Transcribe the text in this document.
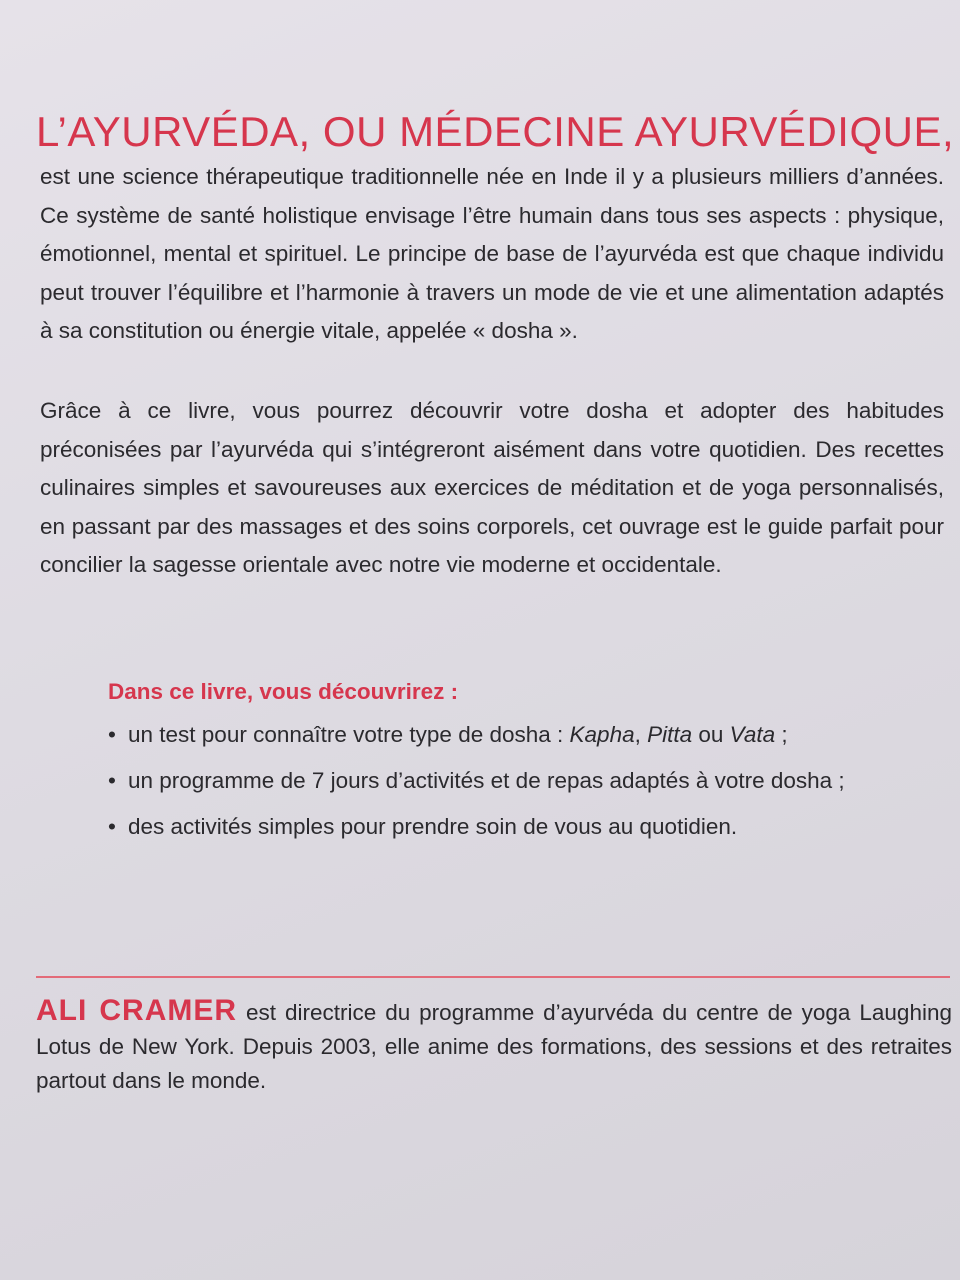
L’AYURVÉDA, OU MÉDECINE AYURVÉDIQUE,

est une science thérapeutique traditionnelle née en Inde il y a plusieurs milliers d’années. Ce système de santé holistique envisage l’être humain dans tous ses aspects : physique, émotionnel, mental et spirituel. Le principe de base de l’ayurvéda est que chaque individu peut trouver l’équilibre et l’harmonie à travers un mode de vie et une alimentation adaptés à sa constitution ou énergie vitale, appelée « dosha ».

Grâce à ce livre, vous pourrez découvrir votre dosha et adopter des habitudes préconisées par l’ayurvéda qui s’intégreront aisément dans votre quotidien. Des recettes culinaires simples et savoureuses aux exercices de méditation et de yoga personnalisés, en passant par des massages et des soins corporels, cet ouvrage est le guide parfait pour concilier la sagesse orientale avec notre vie moderne et occidentale.

Dans ce livre, vous découvrirez :
• un test pour connaître votre type de dosha : Kapha, Pitta ou Vata ;
• un programme de 7 jours d’activités et de repas adaptés à votre dosha ;
• des activités simples pour prendre soin de vous au quotidien.

ALI CRAMER est directrice du programme d’ayurvéda du centre de yoga Laughing Lotus de New York. Depuis 2003, elle anime des formations, des sessions et des retraites partout dans le monde.
